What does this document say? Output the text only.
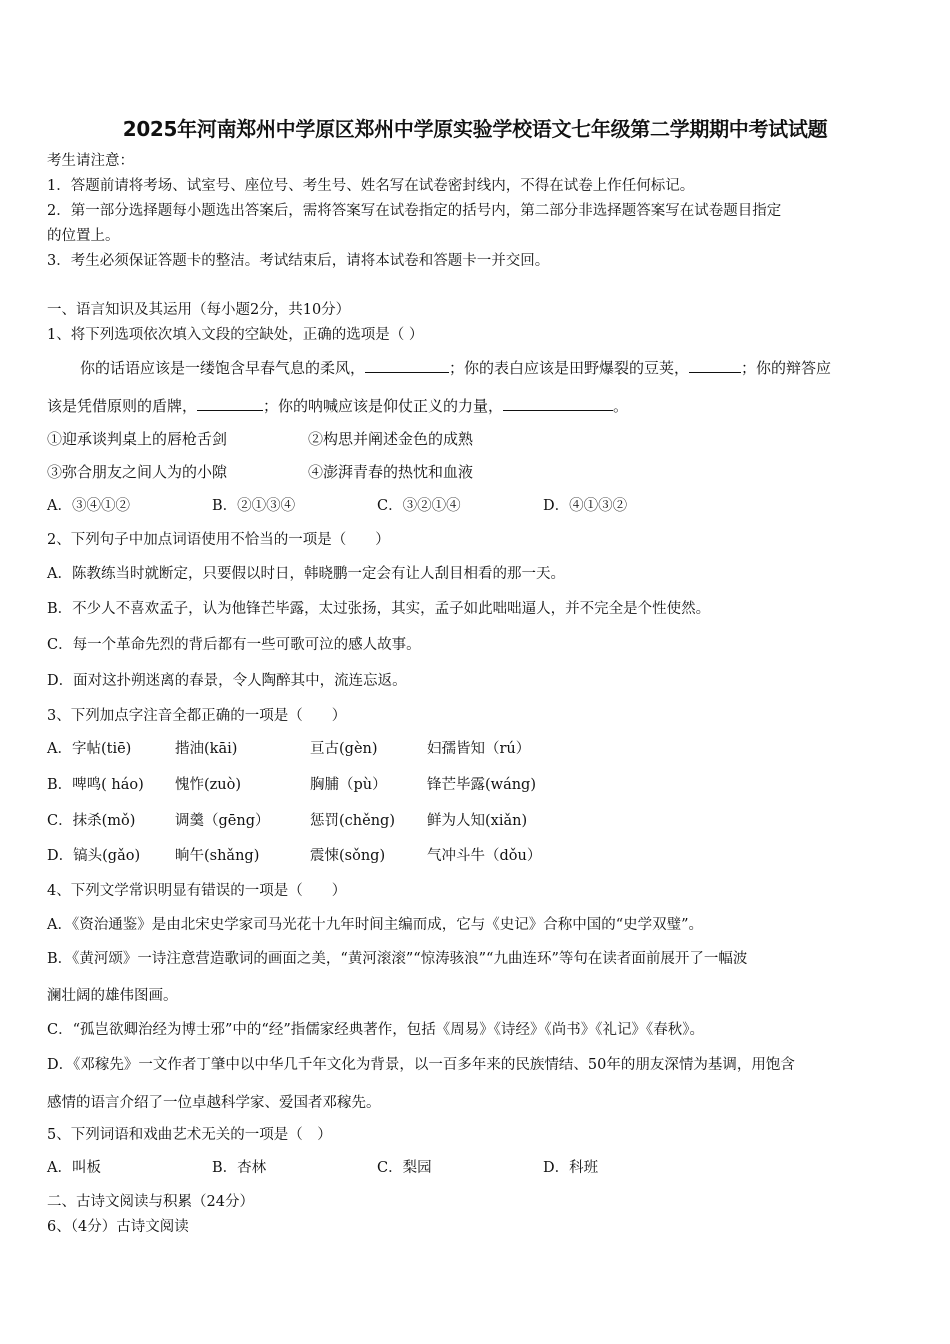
2025年河南郑州中学原区郑州中学原实验学校语文七年级第二学期期中考试试题
考生请注意：
1．答题前请将考场、试室号、座位号、考生号、姓名写在试卷密封线内，不得在试卷上作任何标记。
2．第一部分选择题每小题选出答案后，需将答案写在试卷指定的括号内，第二部分非选择题答案写在试卷题目指定
的位置上。
3．考生必须保证答题卡的整洁。考试结束后，请将本试卷和答题卡一并交回。
一、语言知识及其运用（每小题2分，共10分）
1、将下列选项依次填入文段的空缺处，正确的选项是（ ）
你的话语应该是一缕饱含早春气息的柔风，	；你的表白应该是田野爆裂的豆荚，	；你的辩答应
该是凭借原则的盾牌，	；你的呐喊应该是仰仗正义的力量，	。
①迎承谈判桌上的唇枪舌剑	②构思并阐述金色的成熟
③弥合朋友之间人为的小隙	④澎湃青春的热忱和血液
A．③④①②	B．②①③④	C．③②①④	D．④①③②
2、下列句子中加点词语使用不恰当的一项是（　　）
A．陈教练当时就断定，只要假以时日，韩晓鹏一定会有让人刮目相看的那一天。
B．不少人不喜欢孟子，认为他锋芒毕露，太过张扬，其实，孟子如此咄咄逼人，并不完全是个性使然。
C．每一个革命先烈的背后都有一些可歌可泣的感人故事。
D．面对这扑朔迷离的春景，令人陶醉其中，流连忘返。
3、下列加点字注音全都正确的一项是（　　）
A．字帖(tiē)	揩油(kāi)	亘古(gèn)	妇孺皆知（rú）
B．啤鸣( háo) 愧怍(zuò)	胸脯（pù）	锋芒毕露(wáng)
C．抹杀(mǒ)	调羹（gēng）	惩罚(chěng) 鲜为人知(xiǎn)
D．镐头(gǎo) 晌午(shǎng)	震悚(sǒng)	气冲斗牛（dǒu）
4、下列文学常识明显有错误的一项是（　　）
A．《资治通鉴》是由北宋史学家司马光花十九年时间主编而成，它与《史记》合称中国的“史学双璧”。
B．《黄河颂》一诗注意营造歌词的画面之美，“黄河滚滚”“惊涛骇浪”“九曲连环”等句在读者面前展开了一幅波
澜壮阔的雄伟图画。
C．“孤岂欲卿治经为博士邪”中的“经”指儒家经典著作，包括《周易》《诗经》《尚书》《礼记》《春秋》。
D．《邓稼先》一文作者丁肇中以中华几千年文化为背景，以一百多年来的民族情结、50年的朋友深情为基调，用饱含
感情的语言介绍了一位卓越科学家、爱国者邓稼先。
5、下列词语和戏曲艺术无关的一项是（　）
A．叫板	B．杏林	C．梨园	D．科班
二、古诗文阅读与积累（24分）
6、（4分）古诗文阅读
